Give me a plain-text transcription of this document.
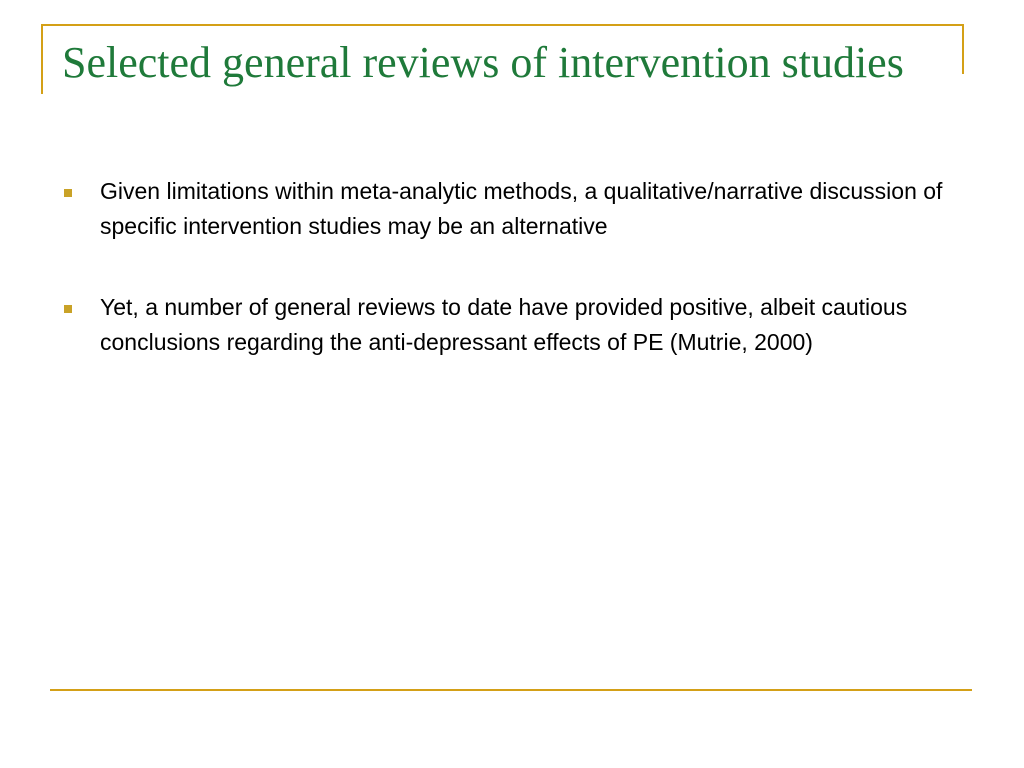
Selected general reviews of intervention studies
Given limitations within meta-analytic methods, a qualitative/narrative discussion of specific intervention studies may be an alternative
Yet, a number of general reviews to date have provided positive, albeit cautious conclusions regarding the anti-depressant effects of PE (Mutrie, 2000)
